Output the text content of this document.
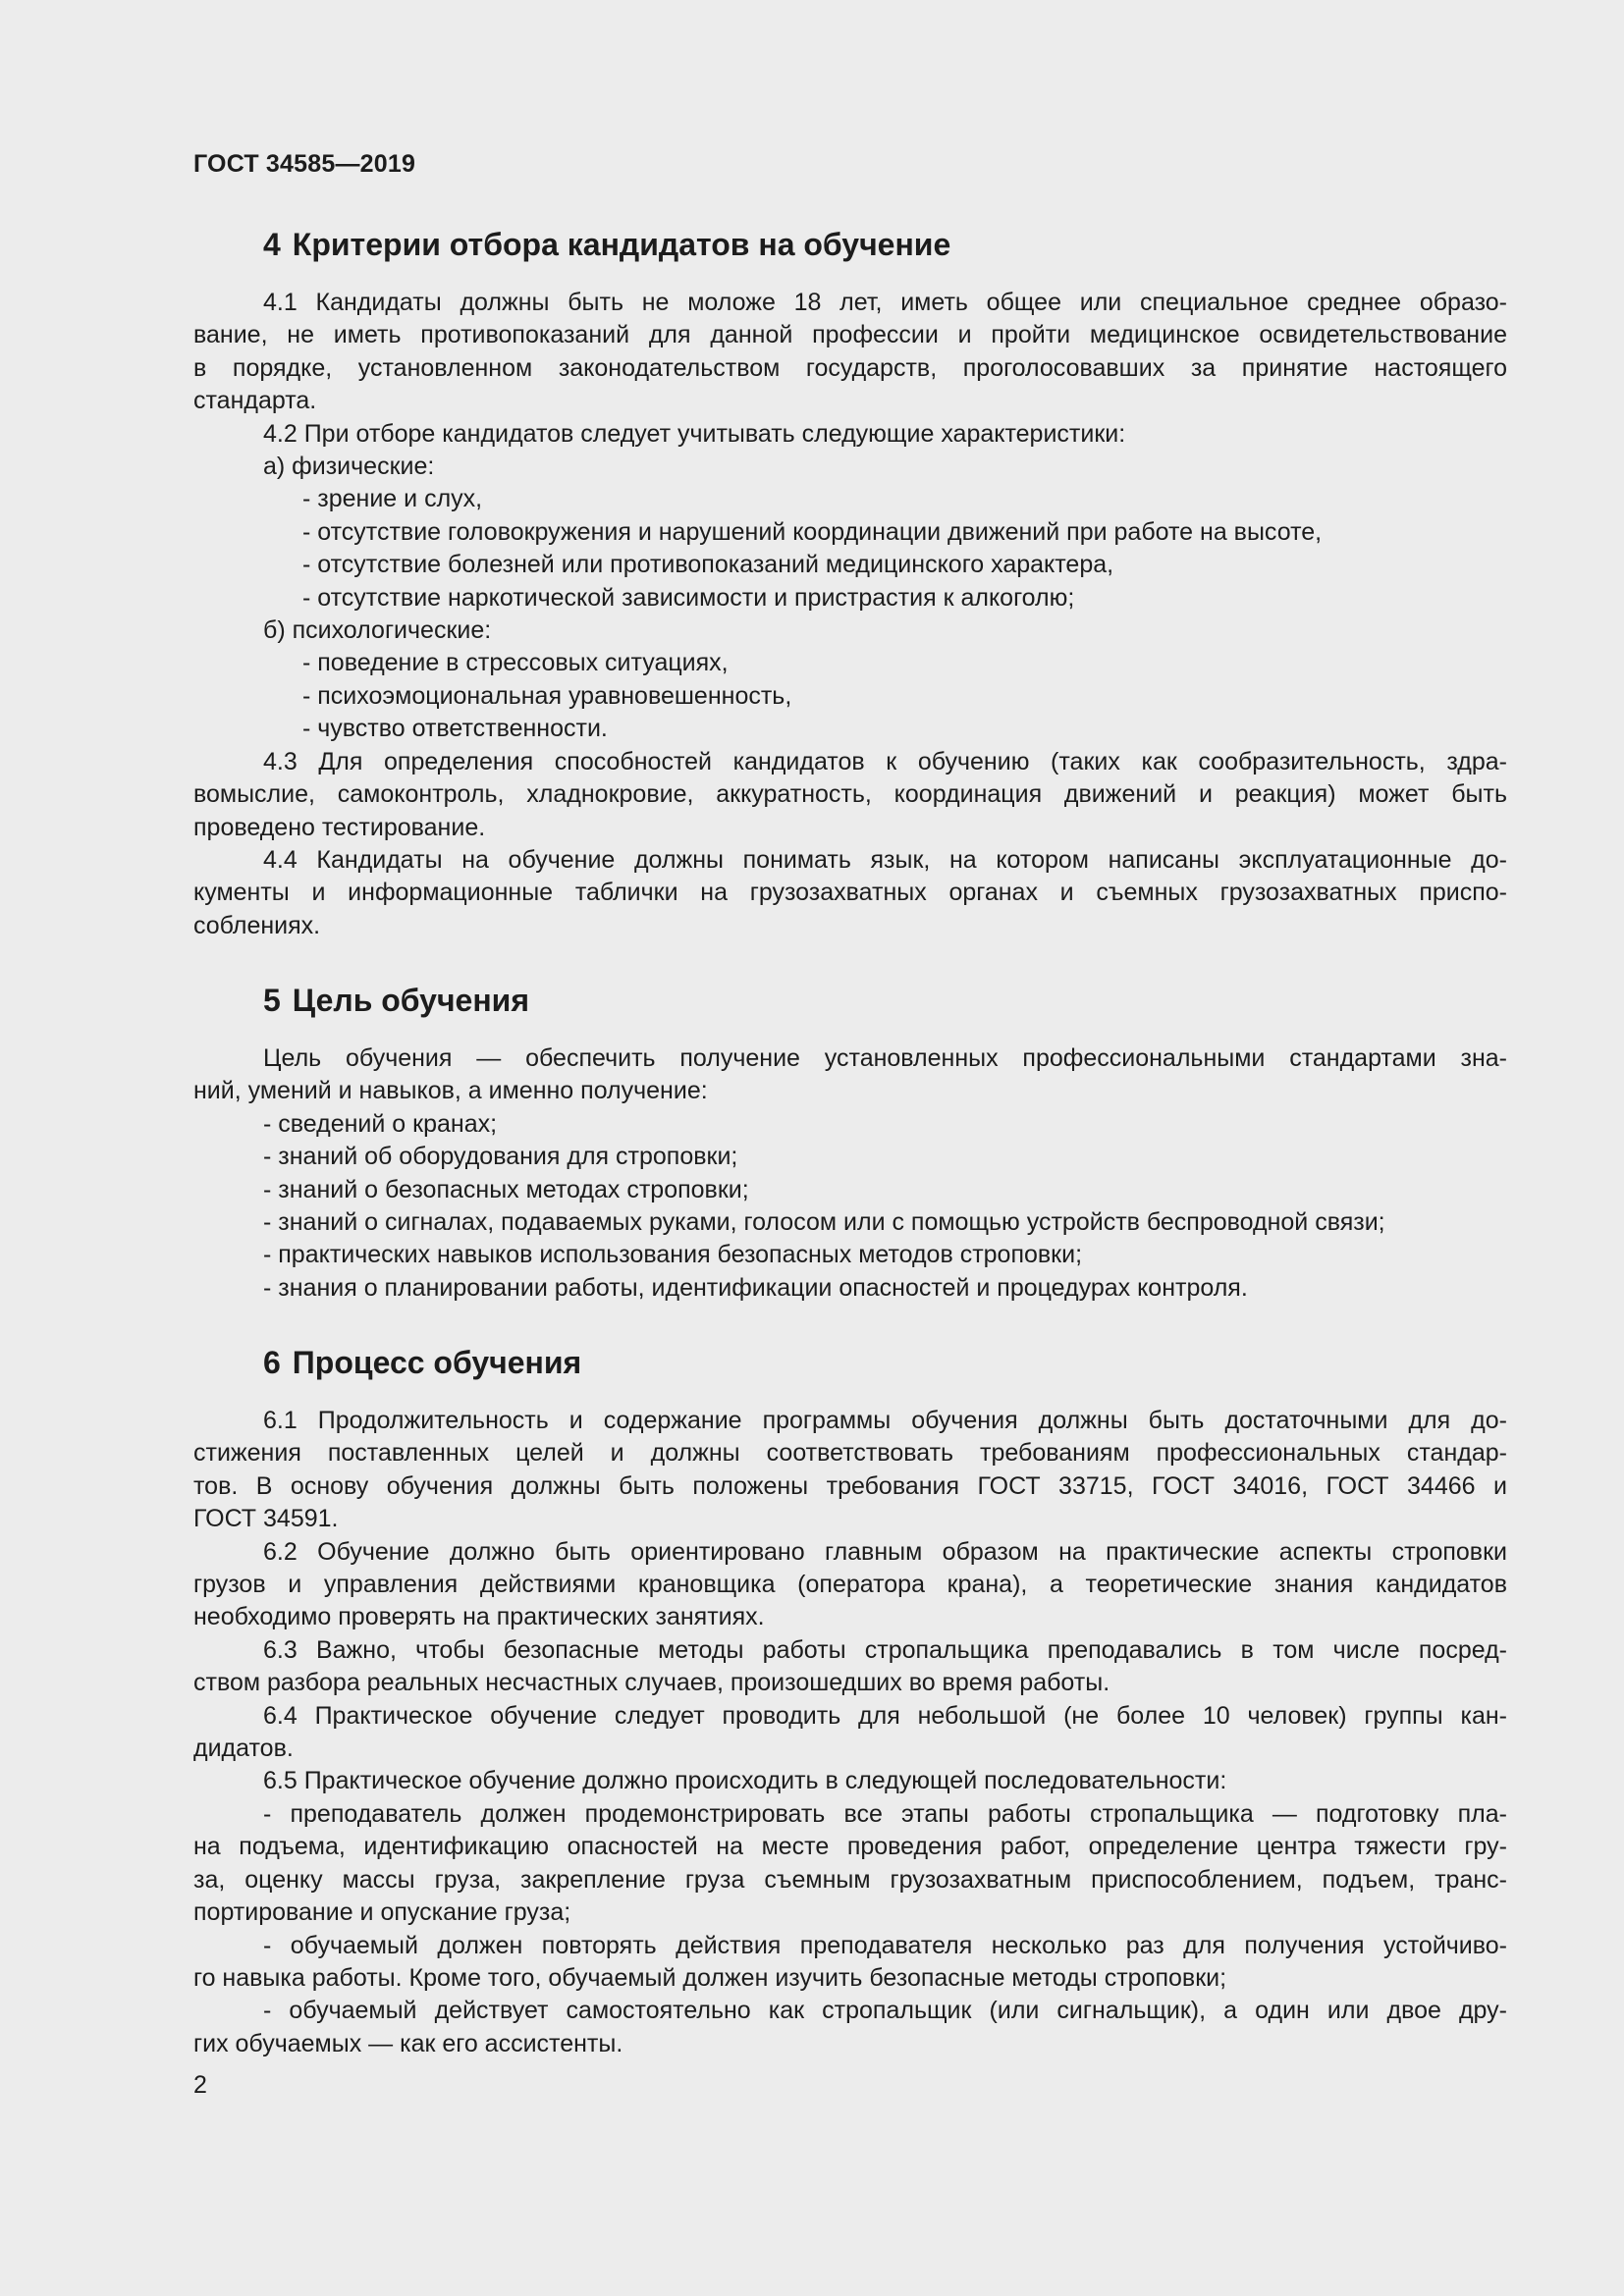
ГОСТ 34585—2019

4 Критерии отбора кандидатов на обучение

4.1 Кандидаты должны быть не моложе 18 лет, иметь общее или специальное среднее образо-

вание, не иметь противопоказаний для данной профессии и пройти медицинское освидетельствование

в порядке, установленном законодательством государств, проголосовавших за принятие настоящего

стандарта.

4.2 При отборе кандидатов следует учитывать следующие характеристики:

а) физические:

- зрение и слух,

- отсутствие головокружения и нарушений координации движений при работе на высоте,

- отсутствие болезней или противопоказаний медицинского характера,

- отсутствие наркотической зависимости и пристрастия к алкоголю;

б) психологические:

- поведение в стрессовых ситуациях,

- психоэмоциональная уравновешенность,

- чувство ответственности.

4.3 Для определения способностей кандидатов к обучению (таких как сообразительность, здра-

вомыслие, самоконтроль, хладнокровие, аккуратность, координация движений и реакция) может быть

проведено тестирование.

4.4 Кандидаты на обучение должны понимать язык, на котором написаны эксплуатационные до-

кументы и информационные таблички на грузозахватных органах и съемных грузозахватных приспо-

соблениях.

5 Цель обучения

Цель обучения — обеспечить получение установленных профессиональными стандартами зна-

ний, умений и навыков, а именно получение:

- сведений о кранах;

- знаний об оборудования для строповки;

- знаний о безопасных методах строповки;

- знаний о сигналах, подаваемых руками, голосом или с помощью устройств беспроводной связи;

- практических навыков использования безопасных методов строповки;

- знания о планировании работы, идентификации опасностей и процедурах контроля.

6 Процесс обучения

6.1 Продолжительность и содержание программы обучения должны быть достаточными для до-

стижения поставленных целей и должны соответствовать требованиям профессиональных стандар-

тов. В основу обучения должны быть положены требования ГОСТ 33715, ГОСТ 34016, ГОСТ 34466 и

ГОСТ 34591.

6.2 Обучение должно быть ориентировано главным образом на практические аспекты строповки

грузов и управления действиями крановщика (оператора крана), а теоретические знания кандидатов

необходимо проверять на практических занятиях.

6.3 Важно, чтобы безопасные методы работы стропальщика преподавались в том числе посред-

ством разбора реальных несчастных случаев, произошедших во время работы.

6.4 Практическое обучение следует проводить для небольшой (не более 10 человек) группы кан-

дидатов.

6.5 Практическое обучение должно происходить в следующей последовательности:

- преподаватель должен продемонстрировать все этапы работы стропальщика — подготовку пла-

на подъема, идентификацию опасностей на месте проведения работ, определение центра тяжести гру-

за, оценку массы груза, закрепление груза съемным грузозахватным приспособлением, подъем, транс-

портирование и опускание груза;

- обучаемый должен повторять действия преподавателя несколько раз для получения устойчиво-

го навыка работы. Кроме того, обучаемый должен изучить безопасные методы строповки;

- обучаемый действует самостоятельно как стропальщик (или сигнальщик), а один или двое дру-

гих обучаемых — как его ассистенты.

2
